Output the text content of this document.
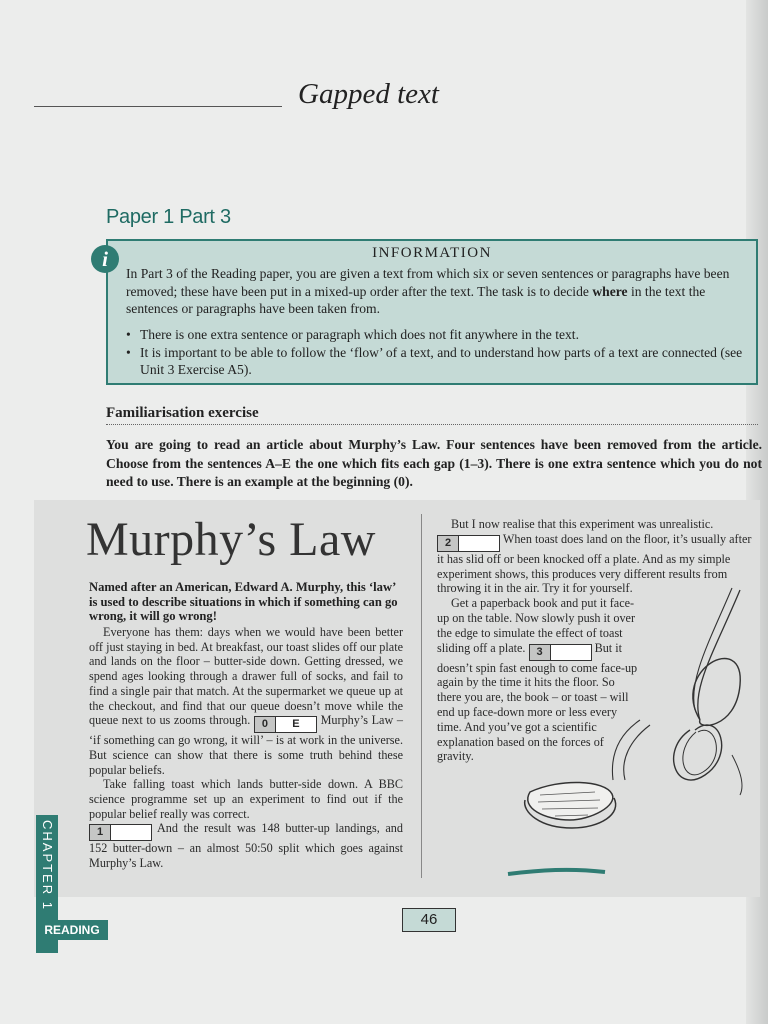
Gapped text
Paper 1 Part 3
i	INFORMATION

In Part 3 of the Reading paper, you are given a text from which six or seven sentences or paragraphs have been removed; these have been put in a mixed-up order after the text. The task is to decide where in the text the sentences or paragraphs have been taken from.

• There is one extra sentence or paragraph which does not fit anywhere in the text.
• It is important to be able to follow the ‘flow’ of a text, and to understand how parts of a text are connected (see Unit 3 Exercise A5).
Familiarisation exercise

You are going to read an article about Murphy’s Law. Four sentences have been removed from the article. Choose from the sentences A–E the one which fits each gap (1–3). There is one extra sentence which you do not need to use. There is an example at the beginning (0).

Murphy’s Law

Named after an American, Edward A. Murphy, this ‘law’ is used to describe situations in which if something can go wrong, it will go wrong!

Everyone has them: days when we would have been better off just staying in bed. At breakfast, our toast slides off our plate and lands on the floor – butter-side down. Getting dressed, we spend ages looking through a drawer full of socks, and fail to find a single pair that match. At the supermarket we queue up at the checkout, and find that our queue doesn’t move while the queue next to us zooms through. 0 E Murphy’s Law – ‘if something can go wrong, it will’ – is at work in the universe. But science can show that there is some truth behind these popular beliefs.

Take falling toast which lands butter-side down. A BBC science programme set up an experiment to find out if the popular belief really was correct.

1	And the result was 148 butter-up landings, and 152 butter-down – an almost 50:50 split which goes against Murphy’s Law.

But I now realise that this experiment was unrealistic. 2	When toast does land on the floor, it’s usually after it has slid off or been knocked off a plate. And as my simple experiment shows, this produces very different results from throwing it in the air. Try it for yourself.

Get a paperback book and put it face-up on the table. Now slowly push it over the edge to simulate the effect of toast sliding off a plate. 3	But it doesn’t spin fast enough to come face-up again by the time it hits the floor. So there you are, the book – or toast – will end up face-down more or less every time. And you’ve got a scientific explanation based on the forces of gravity.

CHAPTER 1
READING
46
